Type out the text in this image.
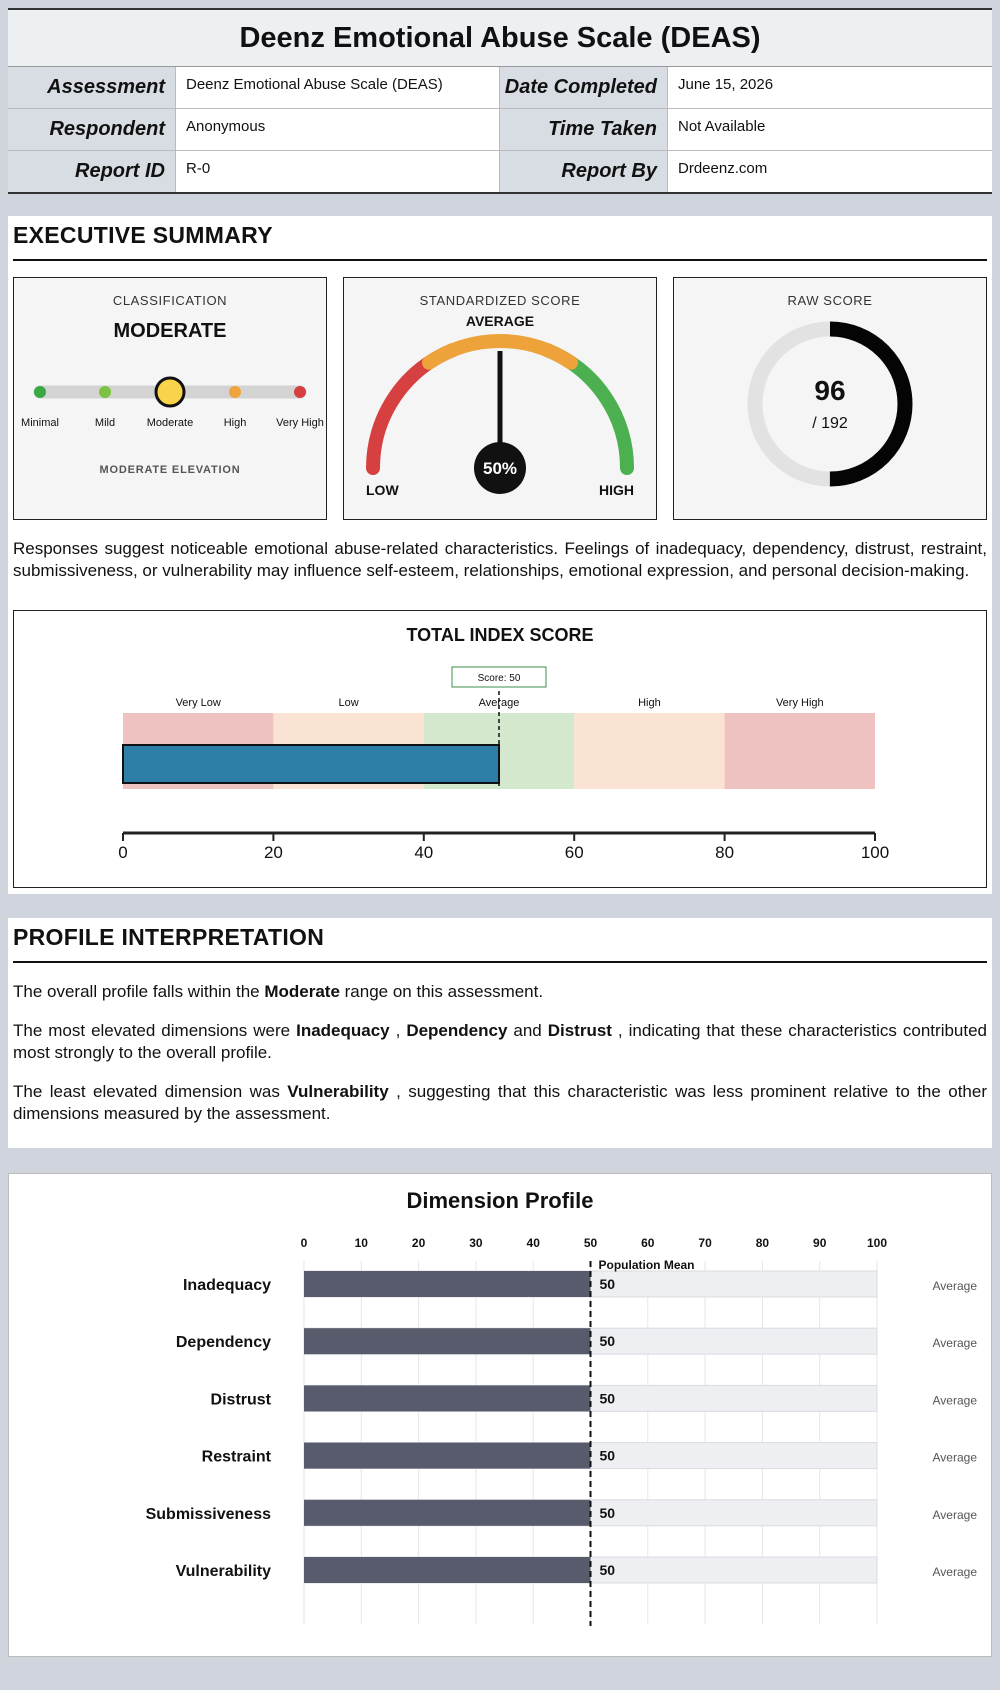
Deenz Emotional Abuse Scale (DEAS)
Assessment	Deenz Emotional Abuse Scale (DEAS)	Date Completed	June 15, 2026
Respondent	Anonymous	Time Taken	Not Available
Report ID	R-0	Report By	Drdeenz.com
EXECUTIVE SUMMARY
CLASSIFICATION
MODERATE
Minimal	Mild	Moderate	High	Very High
MODERATE ELEVATION
STANDARDIZED SCORE
50%
AVERAGE
LOW	HIGH
RAW SCORE
96
/ 192
Responses suggest noticeable emotional abuse-related characteristics. Feelings of inadequacy, dependency, distrust, restraint, submissiveness, or vulnerability may influence self-esteem, relationships, emotional expression, and personal decision-making.
TOTAL INDEX SCORE
Very Low	Low	Average	High	Very High
Score: 50
0	20	40	60	80	100
PROFILE INTERPRETATION
The overall profile falls within the Moderate range on this assessment.
The most elevated dimensions were Inadequacy , Dependency and Distrust , indicating that these characteristics contributed most strongly to the overall profile.
The least elevated dimension was Vulnerability , suggesting that this characteristic was less prominent relative to the other dimensions measured by the assessment.
Dimension Profile
0	10	20	30	40	50	60	70	80	90	100
Inadequacy	50	Average
Dependency	50	Average
Distrust	50	Average
Restraint	50	Average
Submissiveness	50	Average
Vulnerability	50	Average
Population Mean
